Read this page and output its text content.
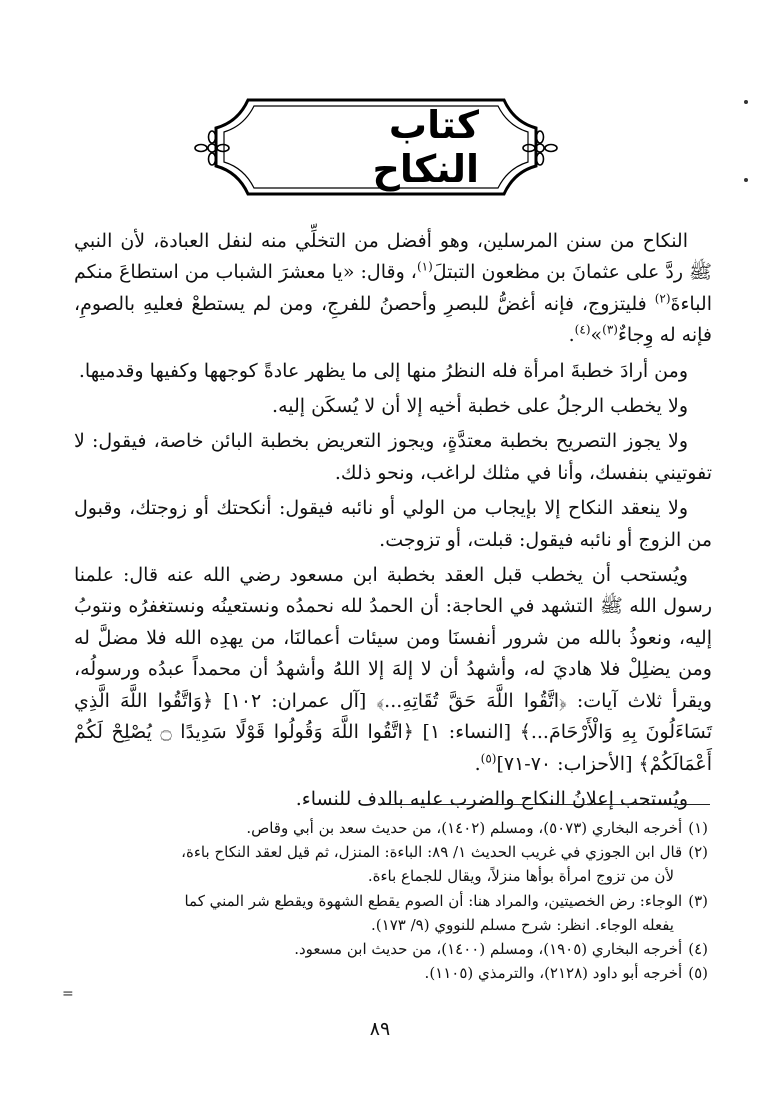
كتاب النكاح

النكاح من سنن المرسلين، وهو أفضل من التخلِّي منه لنفل العبادة، لأن النبي ﷺ ردَّ على عثمانَ بن مظعون التبتلَ$^{(١)}$، وقال: «يا معشرَ الشباب من استطاعَ منكم الباءةَ$^{(٢)}$ فليتزوج، فإنه أغضُّ للبصرِ وأحصنُ للفرجِ، ومن لم يستطعْ فعليهِ بالصومِ، فإنه له وِجاءٌ$^{(٣)}$»$^{(٤)}$.

ومن أرادَ خطبةَ امرأة فله النظرُ منها إلى ما يظهر عادةً كوجهها وكفيها وقدميها.

ولا يخطب الرجلُ على خطبة أخيه إلا أن لا يُسكَن إليه.

ولا يجوز التصريح بخطبة معتدَّةٍ، ويجوز التعريض بخطبة البائن خاصة، فيقول: لا تفوتيني بنفسك، وأنا في مثلك لراغب، ونحو ذلك.

ولا ينعقد النكاح إلا بإيجاب من الولي أو نائبه فيقول: أنكحتك أو زوجتك، وقبول من الزوج أو نائبه فيقول: قبلت، أو تزوجت.

ويُستحب أن يخطب قبل العقد بخطبة ابن مسعود رضي الله عنه قال: علمنا رسول الله ﷺ التشهد في الحاجة: أن الحمدُ لله نحمدُه ونستعينُه ونستغفرُه ونتوبُ إليه، ونعوذُ بالله من شرور أنفسنَا ومن سيئات أعمالنَا، من يهدِه الله فلا مضلَّ له ومن يضلِلْ فلا هاديَ له، وأشهدُ أن لا إلهَ إلا اللهُ وأشهدُ أن محمداً عبدُه ورسولُه، ويقرأ ثلاث آيات: ﴿اتَّقُوا اللَّهَ حَقَّ تُقَاتِهِ...﴾ [آل عمران: ١٠٢] ﴿وَاتَّقُوا اللَّهَ الَّذِي تَسَاءَلُونَ بِهِ وَالْأَرْحَامَ...﴾ [النساء: ١] ﴿اتَّقُوا اللَّهَ وَقُولُوا قَوْلًا سَدِيدًا ۝ يُصْلِحْ لَكُمْ أَعْمَالَكُمْ﴾ [الأحزاب: ٧٠-٧١]$^{(٥)}$.

ويُستحب إعلانُ النكاح والضرب عليه بالدف للنساء.

(١)أخرجه البخاري (٥٠٧٣)، ومسلم (١٤٠٢)، من حديث سعد بن أبي وقاص.

(٢)قال ابن الجوزي في غريب الحديث ١/ ٨٩: الباءة: المنزل، ثم قيل لعقد النكاح باءة،
لأن من تزوج امرأة بوأها منزلاً، ويقال للجماع باءة.

(٣)الوجاء: رض الخصيتين، والمراد هنا: أن الصوم يقطع الشهوة ويقطع شر المني كما
يفعله الوجاء. انظر: شرح مسلم للنووي (٩/ ١٧٣).

(٤)أخرجه البخاري (١٩٠٥)، ومسلم (١٤٠٠)، من حديث ابن مسعود.

(٥)أخرجه أبو داود (٢١٢٨)، والترمذي (١١٠٥).

٨٩
=
